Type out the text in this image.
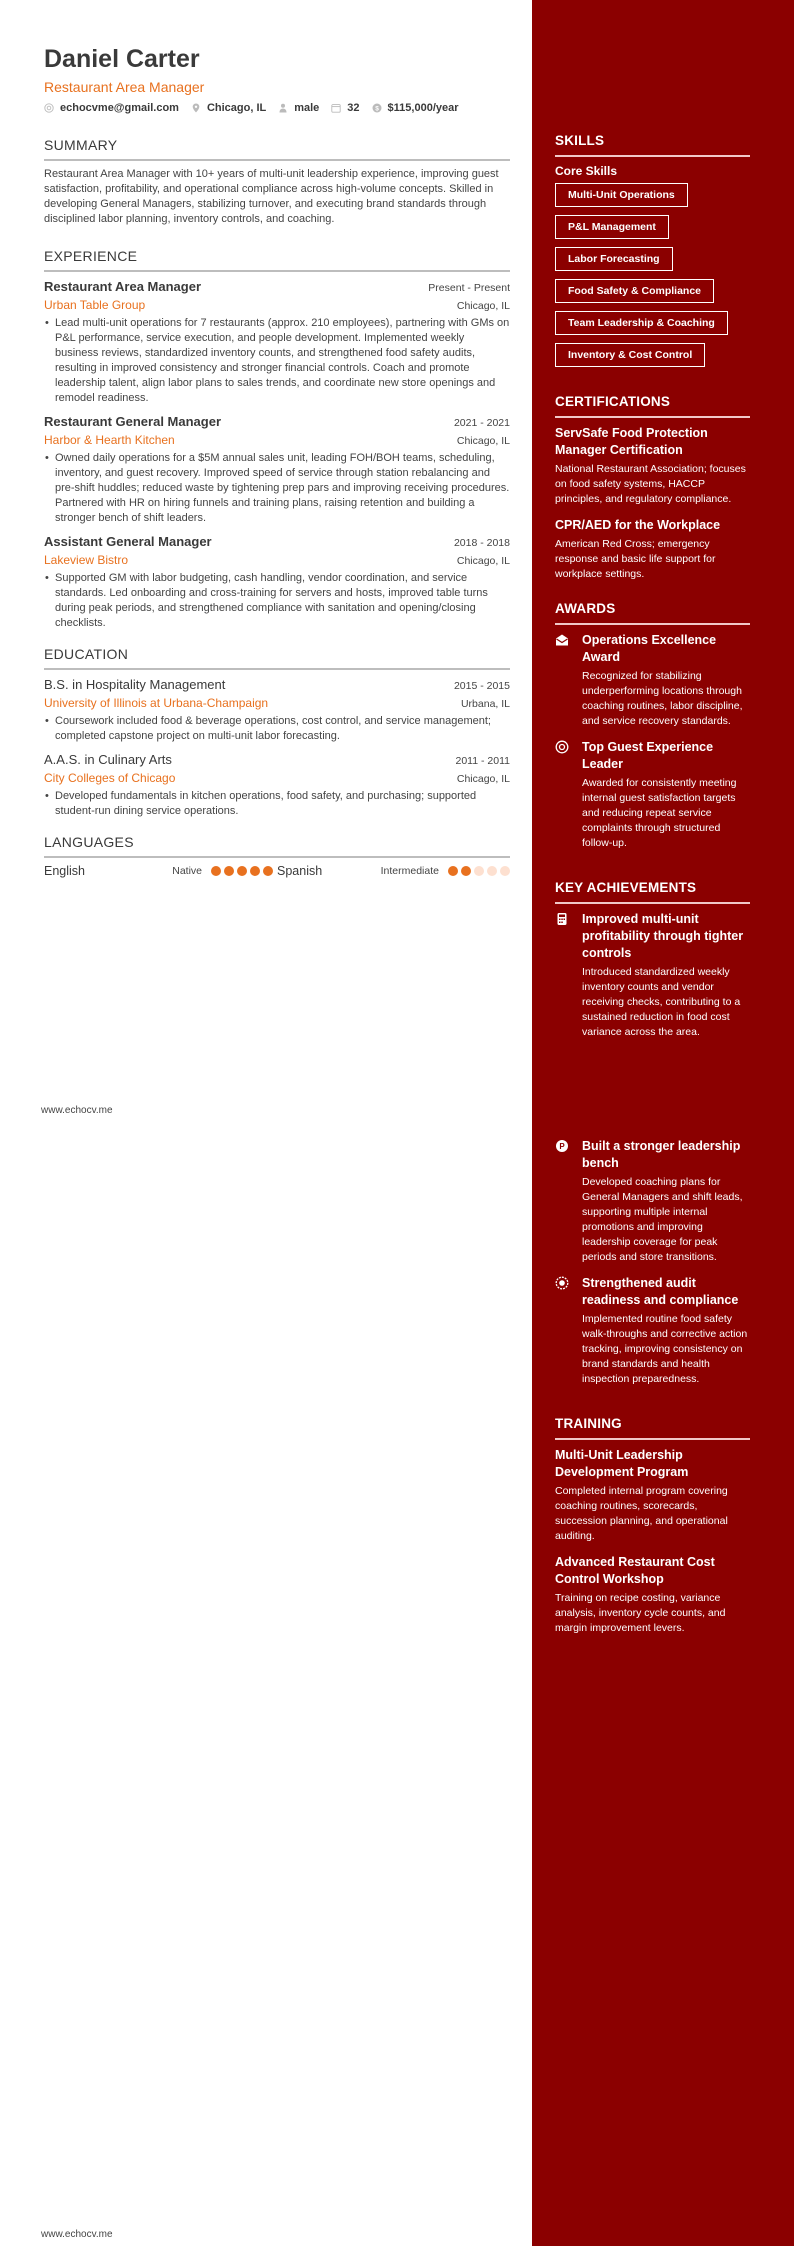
Daniel Carter
Restaurant Area Manager
echocvme@gmail.com	Chicago, IL	male	32 $ $115,000/year
SUMMARY
Restaurant Area Manager with 10+ years of multi-unit leadership experience, improving guest satisfaction, profitability, and operational compliance across high-volume concepts. Skilled in developing General Managers, stabilizing turnover, and executing brand standards through disciplined labor planning, inventory controls, and coaching.
EXPERIENCE
Restaurant Area Manager	Present - Present
Urban Table Group	Chicago, IL
• Lead multi-unit operations for 7 restaurants (approx. 210 employees), partnering with GMs on P&L performance, service execution, and people development. Implemented weekly business reviews, standardized inventory counts, and strengthened food safety audits, resulting in improved consistency and stronger financial controls. Coach and promote leadership talent, align labor plans to sales trends, and coordinate new store openings and remodel readiness.
Restaurant General Manager	2021 - 2021
Harbor & Hearth Kitchen	Chicago, IL
• Owned daily operations for a $5M annual sales unit, leading FOH/BOH teams, scheduling, inventory, and guest recovery. Improved speed of service through station rebalancing and pre-shift huddles; reduced waste by tightening prep pars and improving receiving procedures. Partnered with HR on hiring funnels and training plans, raising retention and building a stronger bench of shift leaders.
Assistant General Manager	2018 - 2018
Lakeview Bistro	Chicago, IL
• Supported GM with labor budgeting, cash handling, vendor coordination, and service standards. Led onboarding and cross-training for servers and hosts, improved table turns during peak periods, and strengthened compliance with sanitation and opening/closing checklists.
EDUCATION
B.S. in Hospitality Management	2015 - 2015
University of Illinois at Urbana-Champaign	Urbana, IL
• Coursework included food & beverage operations, cost control, and service management; completed capstone project on multi-unit labor forecasting.
A.A.S. in Culinary Arts	2011 - 2011
City Colleges of Chicago	Chicago, IL
• Developed fundamentals in kitchen operations, food safety, and purchasing; supported student-run dining service operations.
LANGUAGES
English	Native	Spanish	Intermediate
www.echocv.me
www.echocv.me
SKILLS
Core Skills
Multi-Unit Operations
P&L Management
Labor Forecasting
Food Safety & Compliance
Team Leadership & Coaching
Inventory & Cost Control
CERTIFICATIONS
ServSafe Food Protection Manager Certification
National Restaurant Association; focuses on food safety systems, HACCP principles, and regulatory compliance.
CPR/AED for the Workplace
American Red Cross; emergency response and basic life support for workplace settings.
AWARDS
Operations Excellence Award
Recognized for stabilizing underperforming locations through coaching routines, labor discipline, and service recovery standards.
Top Guest Experience Leader
Awarded for consistently meeting internal guest satisfaction targets and reducing repeat service complaints through structured follow-up.
KEY ACHIEVEMENTS
Improved multi-unit profitability through tighter controls
Introduced standardized weekly inventory counts and vendor receiving checks, contributing to a sustained reduction in food cost variance across the area.
P Built a stronger leadership bench
Developed coaching plans for General Managers and shift leads, supporting multiple internal promotions and improving leadership coverage for peak periods and store transitions.
Strengthened audit readiness and compliance
Implemented routine food safety walk-throughs and corrective action tracking, improving consistency on brand standards and health inspection preparedness.
TRAINING
Multi-Unit Leadership Development Program
Completed internal program covering coaching routines, scorecards, succession planning, and operational auditing.
Advanced Restaurant Cost Control Workshop
Training on recipe costing, variance analysis, inventory cycle counts, and margin improvement levers.
